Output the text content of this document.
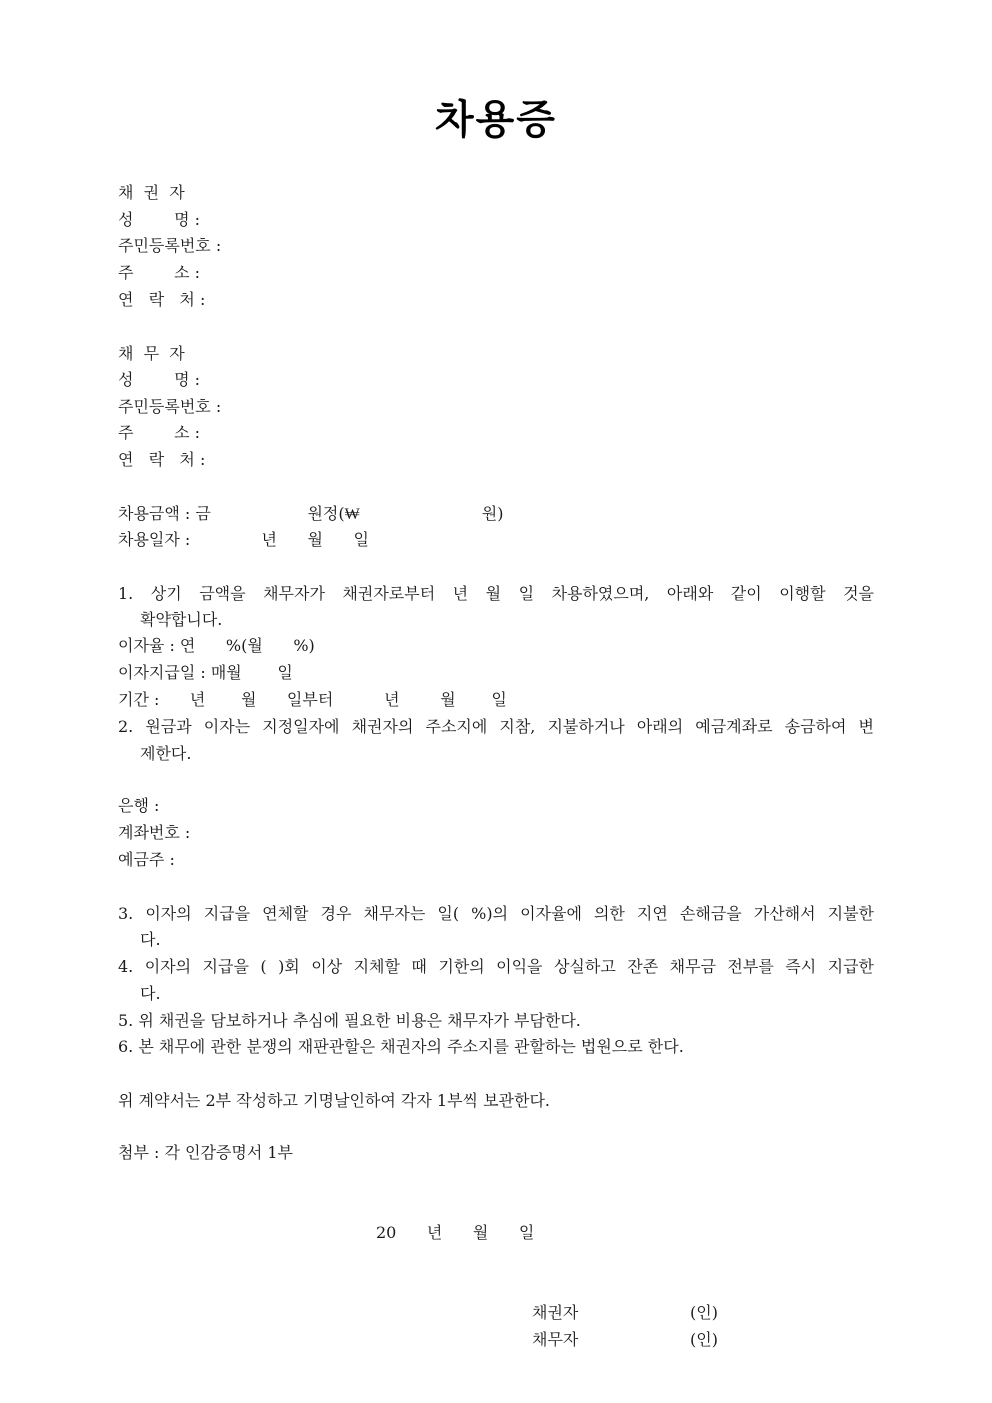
차용증
채  권  자
성        명 :
주민등록번호 :
주        소 :
연   락   처 :
채  무  자
성        명 :
주민등록번호 :
주        소 :
연   락   처 :
차용금액 : 금                   원정(₩                        원)
차용일자 :              년      월      일
1. 상기 금액을 채무자가 채권자로부터 년 월 일 차용하였으며, 아래와 같이 이행할 것을
확약합니다.
이자율 : 연      %(월      %)
이자지급일 : 매월       일
기간 :      년       월      일부터          년        월       일
2. 원금과 이자는 지정일자에 채권자의 주소지에 지참, 지불하거나 아래의 예금계좌로 송금하여 변
제한다.
은행 :
계좌번호 :
예금주 :
3. 이자의 지급을 연체할 경우 채무자는 일( %)의 이자율에 의한 지연 손해금을 가산해서 지불한
다.
4. 이자의 지급을 ( )회 이상 지체할 때 기한의 이익을 상실하고 잔존 채무금 전부를 즉시 지급한
다.
5. 위 채권을 담보하거나 추심에 필요한 비용은 채무자가 부담한다.
6. 본 채무에 관한 분쟁의 재판관할은 채권자의 주소지를 관할하는 법원으로 한다.
위 계약서는 2부 작성하고 기명날인하여 각자 1부씩 보관한다.
첨부 : 각 인감증명서 1부
20      년      월      일
채권자	(인)
채무자	(인)
